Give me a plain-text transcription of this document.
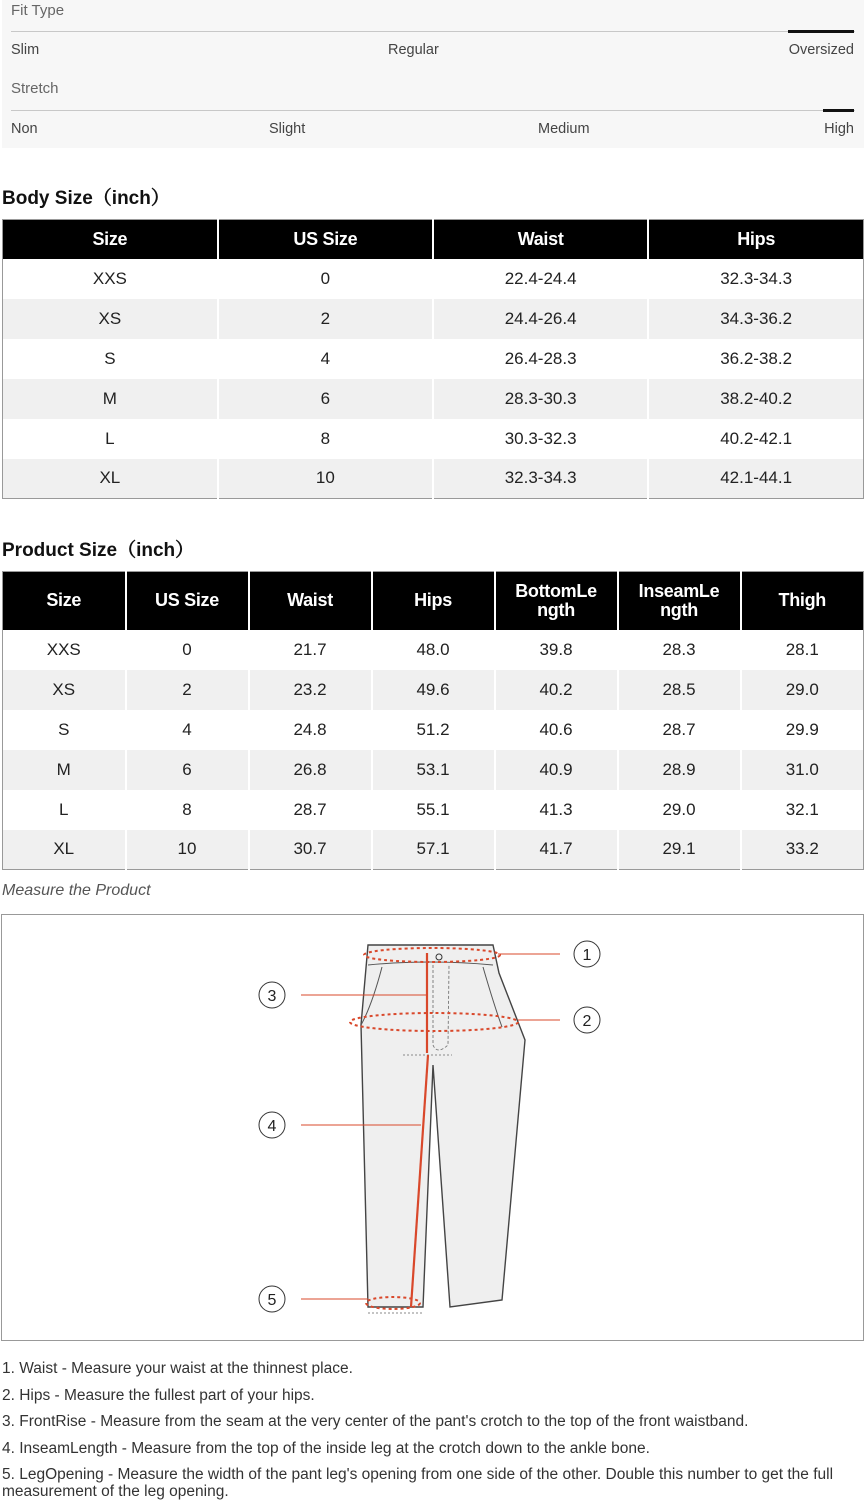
Fit Type
Slim	Regular	Oversized
Stretch
Non	Slight	Medium	High
Body Size（inch）
Size	US Size	Waist	Hips
XXS	0	22.4-24.4	32.3-34.3
XS	2	24.4-26.4	34.3-36.2
S	4	26.4-28.3	36.2-38.2
M	6	28.3-30.3	38.2-40.2
L	8	30.3-32.3	40.2-42.1
XL	10	32.3-34.3	42.1-44.1
Product Size（inch）
Size	US Size	Waist	Hips	BottomLe ngth	InseamLe ngth	Thigh
XXS	0	21.7	48.0	39.8	28.3	28.1
XS	2	23.2	49.6	40.2	28.5	29.0
S	4	24.8	51.2	40.6	28.7	29.9
M	6	26.8	53.1	40.9	28.9	31.0
L	8	28.7	55.1	41.3	29.0	32.1
XL	10	30.7	57.1	41.7	29.1	33.2
Measure the Product
1
2
3
4
5
1. Waist - Measure your waist at the thinnest place.
2. Hips - Measure the fullest part of your hips.
3. FrontRise - Measure from the seam at the very center of the pant's crotch to the top of the front waistband.
4. InseamLength - Measure from the top of the inside leg at the crotch down to the ankle bone.
5. LegOpening - Measure the width of the pant leg's opening from one side of the other. Double this number to get the full measurement of the leg opening.
